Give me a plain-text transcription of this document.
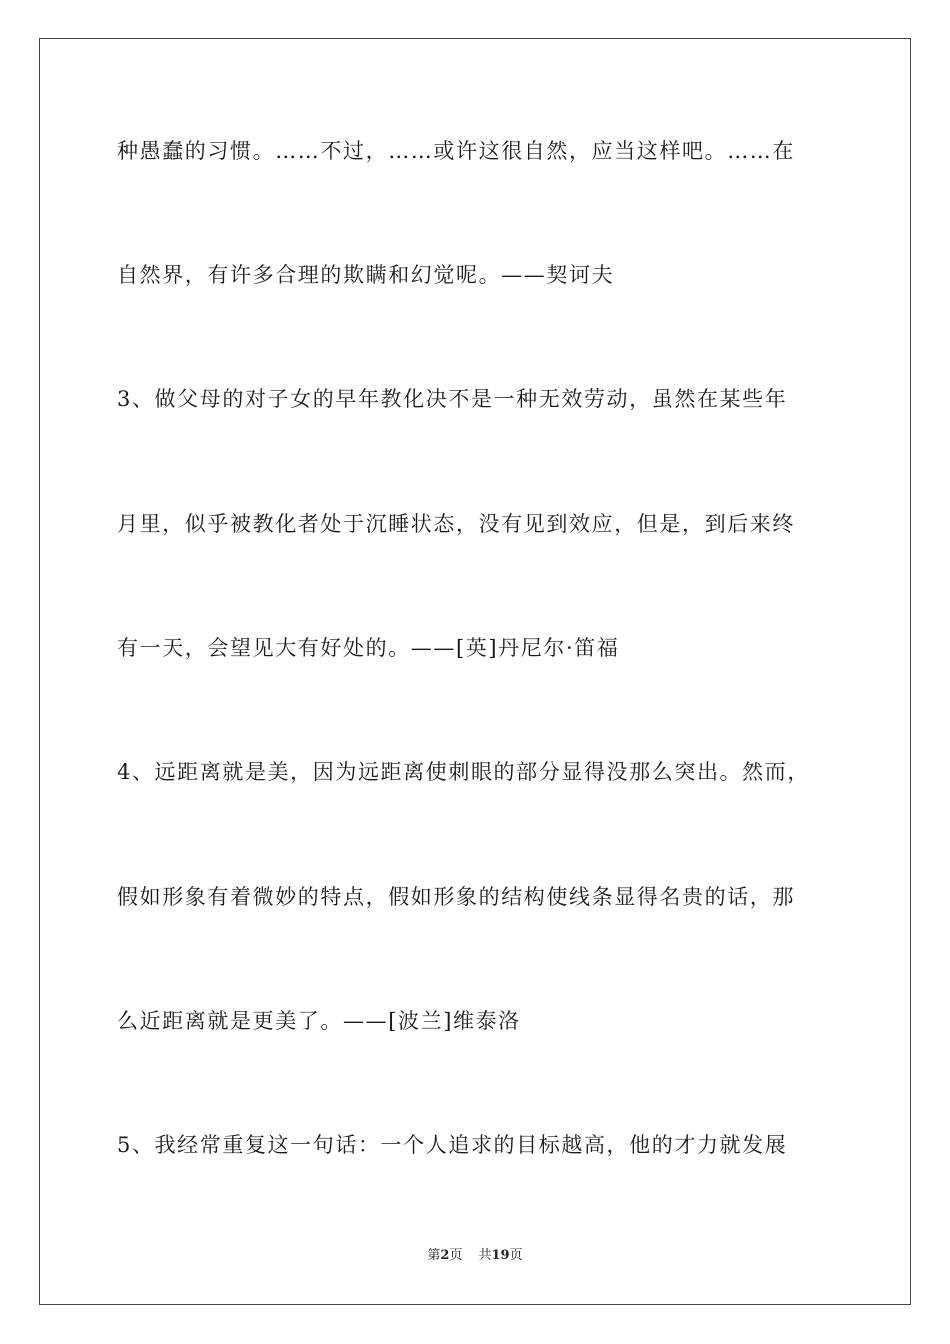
种愚蠢的习惯。……不过，……或许这很自然，应当这样吧。……在
自然界，有许多合理的欺瞒和幻觉呢。——契诃夫
3、做父母的对子女的早年教化决不是一种无效劳动，虽然在某些年
月里，似乎被教化者处于沉睡状态，没有见到效应，但是，到后来终
有一天，会望见大有好处的。——[英]丹尼尔·笛福
4、远距离就是美，因为远距离使刺眼的部分显得没那么突出。然而，
假如形象有着微妙的特点，假如形象的结构使线条显得名贵的话，那
么近距离就是更美了。——[波兰]维泰洛
5、我经常重复这一句话：一个人追求的目标越高，他的才力就发展
第2页 共19页
